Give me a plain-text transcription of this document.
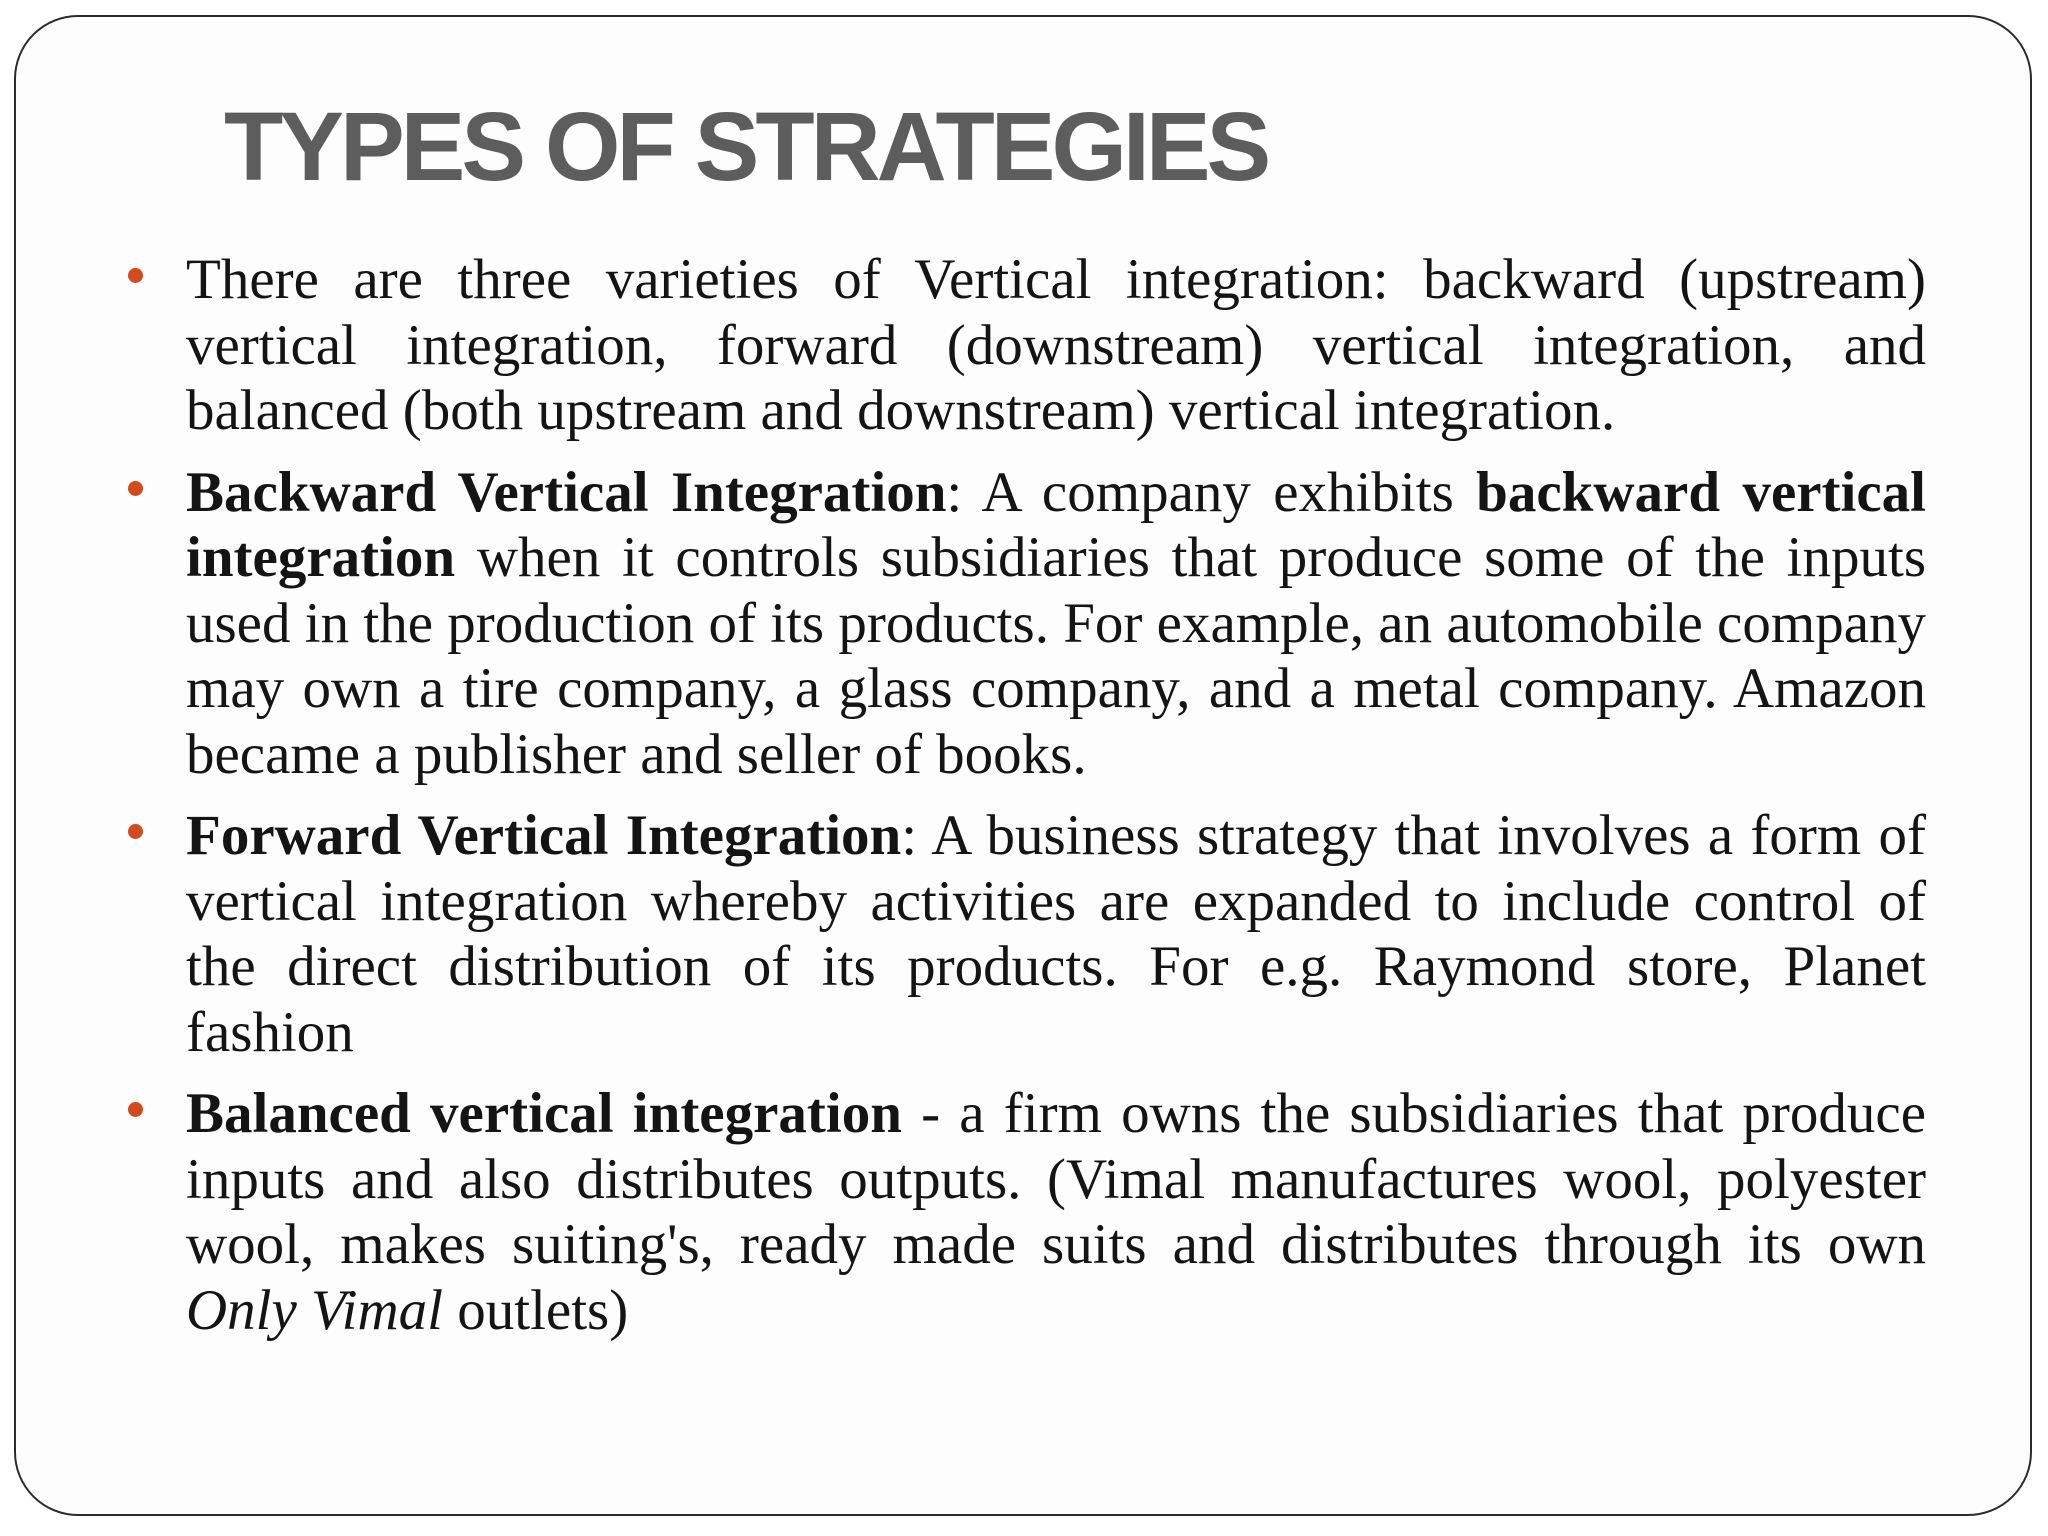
TYPES OF STRATEGIES
There are three varieties of Vertical integration: backward (upstream) vertical integration, forward (downstream) vertical integration, and balanced (both upstream and downstream) vertical integration.
Backward Vertical Integration: A company exhibits backward vertical integration when it controls subsidiaries that produce some of the inputs used in the production of its products. For example, an automobile company may own a tire company, a glass company, and a metal company. Amazon became a publisher and seller of books.
Forward Vertical Integration: A business strategy that involves a form of vertical integration whereby activities are expanded to include control of the direct distribution of its products. For e.g. Raymond store, Planet fashion
Balanced vertical integration - a firm owns the subsidiaries that produce inputs and also distributes outputs. (Vimal manufactures wool, polyester wool, makes suiting's, ready made suits and distributes through its own Only Vimal outlets)
